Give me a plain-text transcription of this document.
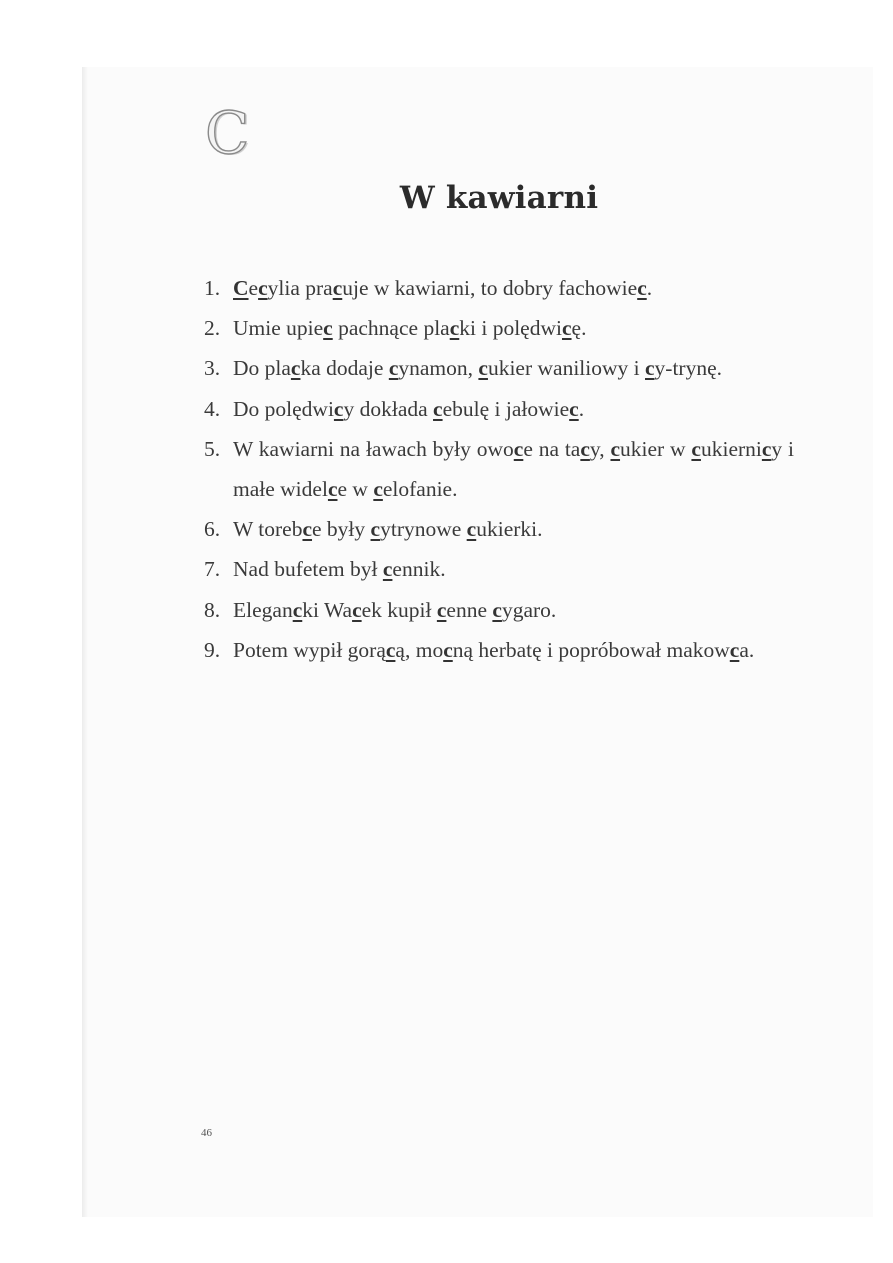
C
W kawiarni
1. Cecylia pracuje w kawiarni, to dobry fachowiec.
2. Umie upiec pachnące placki i polędwicę.
3. Do placka dodaje cynamon, cukier waniliowy i cy-trynę.
4. Do polędwicy dokłada cebulę i jałowiec.
5. W kawiarni na ławach były owoce na tacy, cukier w cukiernicy i małe widelce w celofanie.
6. W torebce były cytrynowe cukierki.
7. Nad bufetem był cennik.
8. Elegancki Wacek kupił cenne cygaro.
9. Potem wypił gorącą, mocną herbatę i popróbował makowca.
46
